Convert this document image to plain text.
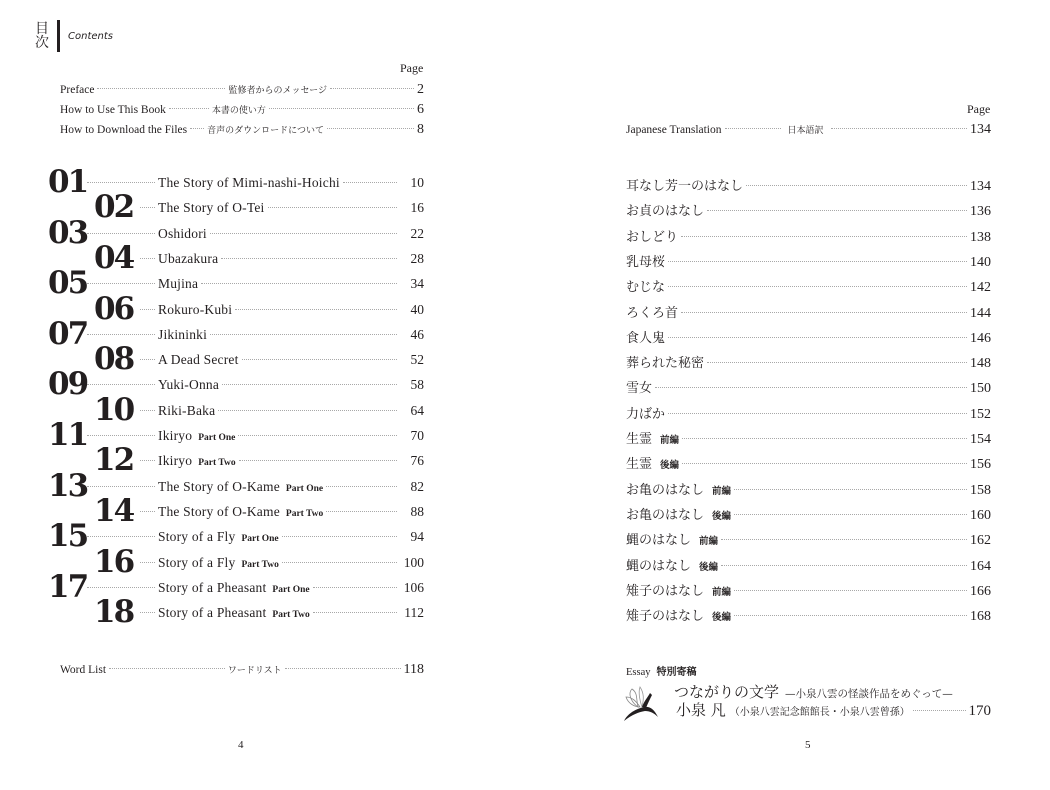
目
次 Contents
Page
Preface	監修者からのメッセージ	2
How to Use This Book	本書の使い方	6
How to Download the Files 音声のダウンロードについて	8
01	The Story of Mimi-nashi-Hoichi	10
02 The Story of O-Tei	16
03	Oshidori	22
04 Ubazakura	28
05	Mujina	34
06 Rokuro-Kubi	40
07	Jikininki	46
08 A Dead Secret	52
09	Yuki-Onna	58
10 Riki-Baka	64
11	Ikiryo Part One	70
12 Ikiryo Part Two	76
13	The Story of O-Kame Part One	82
14 The Story of O-Kame Part Two	88
15	Story of a Fly Part One	94
16 Story of a Fly Part Two	100
17	Story of a Pheasant Part One	106
18 Story of a Pheasant Part Two	112
Word List	ワードリスト	118
4
Page
Japanese Translation	日本語訳	134
耳なし芳一のはなし	134
お貞のはなし	136
おしどり	138
乳母桜	140
むじな	142
ろくろ首	144
食人鬼	146
葬られた秘密	148
雪女	150
力ばか	152
生霊 前編	154
生霊 後編	156
お亀のはなし 前編	158
お亀のはなし 後編	160
蝿のはなし 前編	162
蝿のはなし 後編	164
雉子のはなし 前編	166
雉子のはなし 後編	168
Essay 特別寄稿
つながりの文学 —小泉八雲の怪談作品をめぐって—
小泉 凡 （小泉八雲記念館館長・小泉八雲曾孫）	170
5
